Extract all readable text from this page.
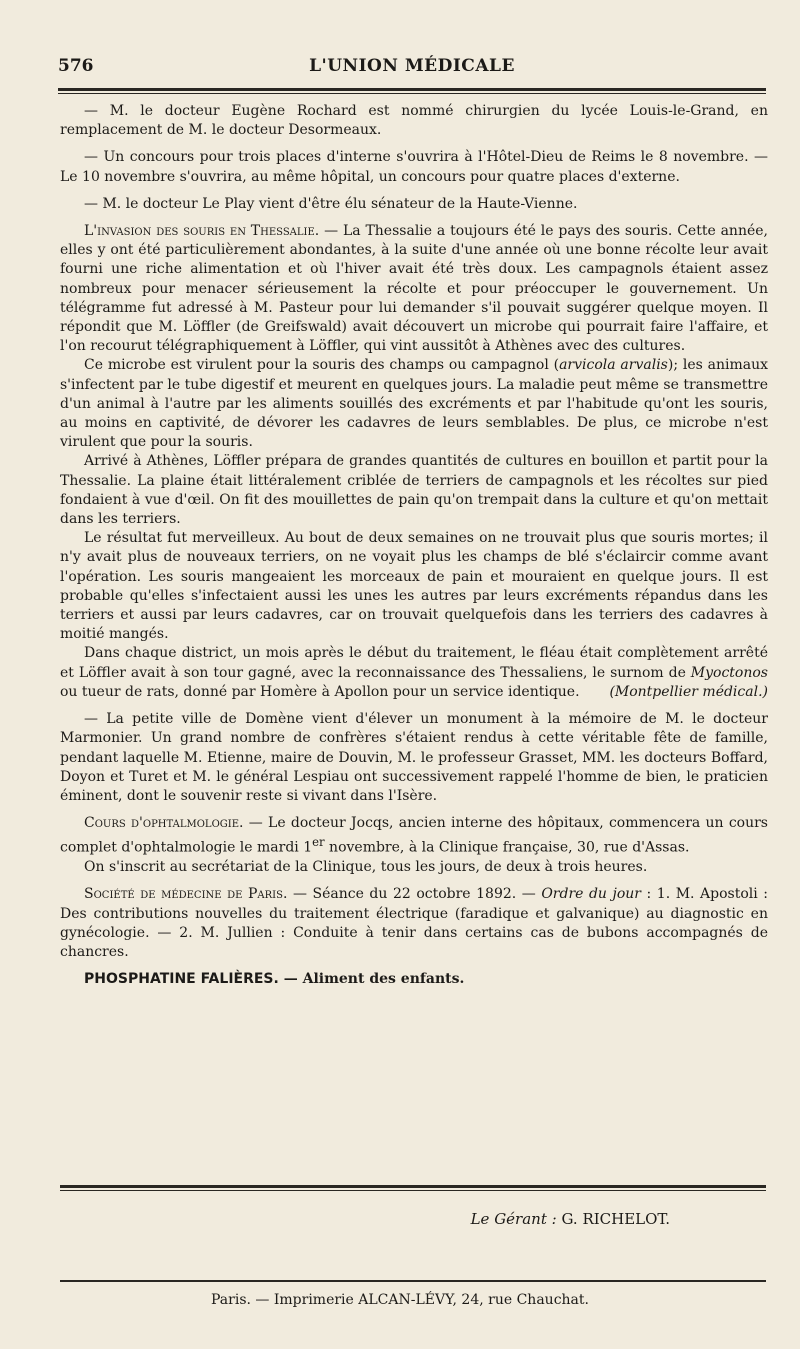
576	L'UNION MÉDICALE

— M. le docteur Eugène Rochard est nommé chirurgien du lycée Louis-le-Grand, en remplacement de M. le docteur Desormeaux.

— Un concours pour trois places d'interne s'ouvrira à l'Hôtel-Dieu de Reims le 8 novembre. — Le 10 novembre s'ouvrira, au même hôpital, un concours pour quatre places d'externe.

— M. le docteur Le Play vient d'être élu sénateur de la Haute-Vienne.

L'invasion des souris en Thessalie. — La Thessalie a toujours été le pays des souris. Cette année, elles y ont été particulièrement abondantes, à la suite d'une année où une bonne récolte leur avait fourni une riche alimentation et où l'hiver avait été très doux. Les campagnols étaient assez nombreux pour menacer sérieusement la récolte et pour préoccuper le gouvernement. Un télégramme fut adressé à M. Pasteur pour lui demander s'il pouvait suggérer quelque moyen. Il répondit que M. Löffler (de Greifswald) avait découvert un microbe qui pourrait faire l'affaire, et l'on recourut télégraphiquement à Löffler, qui vint aussitôt à Athènes avec des cultures.

Ce microbe est virulent pour la souris des champs ou campagnol (arvicola arvalis); les animaux s'infectent par le tube digestif et meurent en quelques jours. La maladie peut même se transmettre d'un animal à l'autre par les aliments souillés des excréments et par l'habitude qu'ont les souris, au moins en captivité, de dévorer les cadavres de leurs semblables. De plus, ce microbe n'est virulent que pour la souris.

Arrivé à Athènes, Löffler prépara de grandes quantités de cultures en bouillon et partit pour la Thessalie. La plaine était littéralement criblée de terriers de campagnols et les récoltes sur pied fondaient à vue d'œil. On fit des mouillettes de pain qu'on trempait dans la culture et qu'on mettait dans les terriers.

Le résultat fut merveilleux. Au bout de deux semaines on ne trouvait plus que souris mortes; il n'y avait plus de nouveaux terriers, on ne voyait plus les champs de blé s'éclaircir comme avant l'opération. Les souris mangeaient les morceaux de pain et mouraient en quelque jours. Il est probable qu'elles s'infectaient aussi les unes les autres par leurs excréments répandus dans les terriers et aussi par leurs cadavres, car on trouvait quelquefois dans les terriers des cadavres à moitié mangés.

Dans chaque district, un mois après le début du traitement, le fléau était complètement arrêté et Löffler avait à son tour gagné, avec la reconnaissance des Thessaliens, le surnom de Myoctonos ou tueur de rats, donné par Homère à Apollon pour un service identique.	(Montpellier médical.)

— La petite ville de Domène vient d'élever un monument à la mémoire de M. le docteur Marmonier. Un grand nombre de confrères s'étaient rendus à cette véritable fête de famille, pendant laquelle M. Etienne, maire de Douvin, M. le professeur Grasset, MM. les docteurs Boffard, Doyon et Turet et M. le général Lespiau ont successivement rappelé l'homme de bien, le praticien éminent, dont le souvenir reste si vivant dans l'Isère.

Cours d'ophtalmologie. — Le docteur Jocqs, ancien interne des hôpitaux, commencera un cours complet d'ophtalmologie le mardi 1er novembre, à la Clinique française, 30, rue d'Assas.

On s'inscrit au secrétariat de la Clinique, tous les jours, de deux à trois heures.

Société de médecine de Paris. — Séance du 22 octobre 1892. — Ordre du jour : 1. M. Apostoli : Des contributions nouvelles du traitement électrique (faradique et galvanique) au diagnostic en gynécologie. — 2. M. Jullien : Conduite à tenir dans certains cas de bubons accompagnés de chancres.

PHOSPHATINE FALIÈRES. — Aliment des enfants.

Le Gérant : G. RICHELOT.
Paris. — Imprimerie ALCAN-LÉVY, 24, rue Chauchat.
